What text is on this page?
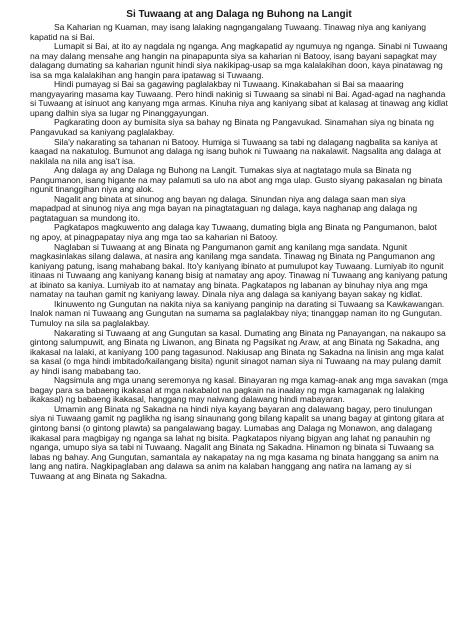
Si Tuwaang at ang Dalaga ng Buhong na Langit

Sa Kaharian ng Kuaman, may isang lalaking nagngangalang Tuwaang. Tinawag niya ang kaniyang kapatid na si Bai.

Lumapit si Bai, at ito ay nagdala ng nganga. Ang magkapatid ay ngumuya ng nganga. Sinabi ni Tuwaang na may dalang mensahe ang hangin na pinapapunta siya sa kaharian ni Batooy, isang bayani sapagkat may dalagang dumating sa kaharian ngunit hindi siya nakikipag-usap sa mga kalalakihan doon, kaya pinatawag ng isa sa mga kalalakihan ang hangin para ipatawag si Tuwaang.

Hindi pumayag si Bai sa gagawing paglalakbay ni Tuwaang. Kinakabahan si Bai sa maaaring mangyayaring masama kay Tuwaang. Pero hindi nakinig si Tuwaang sa sinabi ni Bai. Agad-agad na naghanda si Tuwaang at isinuot ang kanyang mga armas. Kinuha niya ang kaniyang sibat at kalasag at tinawag ang kidlat upang dalhin siya sa lugar ng Pinanggayungan.

Pagkarating doon ay bumisita siya sa bahay ng Binata ng Pangavukad. Sinamahan siya ng binata ng Pangavukad sa kaniyang paglalakbay.

Sila'y nakarating sa tahanan ni Batooy. Humiga si Tuwaang sa tabi ng dalagang nagbalita sa kaniya at kaagad na nakatulog. Bumunot ang dalaga ng isang buhok ni Tuwaang na nakalawit. Nagsalita ang dalaga at nakilala na nila ang isa't isa.

Ang dalaga ay ang Dalaga ng Buhong na Langit. Tumakas siya at nagtatago mula sa Binata ng Pangumanon, isang higante na may palamuti sa ulo na abot ang mga ulap. Gusto siyang pakasalan ng binata ngunit tinanggihan niya ang alok.

Nagalit ang binata at sinunog ang bayan ng dalaga. Sinundan niya ang dalaga saan man siya mapadpad at sinunog niya ang mga bayan na pinagtataguan ng dalaga, kaya naghanap ang dalaga ng pagtataguan sa mundong ito.

Pagkatapos magkuwento ang dalaga kay Tuwaang, dumating bigla ang Binata ng Pangumanon, balot ng apoy, at pinagpapatay niya ang mga tao sa kaharian ni Batooy.

Naglaban si Tuwaang at ang Binata ng Pangumanon gamit ang kanilang mga sandata. Ngunit magkasinlakas silang dalawa, at nasira ang kanilang mga sandata. Tinawag ng Binata ng Pangumanon ang kaniyang patung, isang mahabang bakal. Ito'y kaniyang ibinato at pumulupot kay Tuwaang. Lumiyab ito ngunit itinaas ni Tuwaang ang kaniyang kanang bisig at namatay ang apoy. Tinawag ni Tuwaang ang kaniyang patung at ibinato sa kaniya. Lumiyab ito at namatay ang binata. Pagkatapos ng labanan ay binuhay niya ang mga namatay na tauhan gamit ng kaniyang laway. Dinala niya ang dalaga sa kaniyang bayan sakay ng kidlat.

Ikinuwento ng Gungutan na nakita niya sa kaniyang panginip na darating si Tuwaang sa Kawkawangan. Inalok naman ni Tuwaang ang Gungutan na sumama sa paglalakbay niya; tinanggap naman ito ng Gungutan. Tumuloy na sila sa paglalakbay.

Nakarating si Tuwaang at ang Gungutan sa kasal. Dumating ang Binata ng Panayangan, na nakaupo sa gintong salumpuwit, ang Binata ng Liwanon, ang Binata ng Pagsikat ng Araw, at ang Binata ng Sakadna, ang ikakasal na lalaki, at kaniyang 100 pang tagasunod. Nakiusap ang Binata ng Sakadna na linisin ang mga kalat sa kasal (o mga hindi imbitado/kailangang bisita) ngunit sinagot naman siya ni Tuwaang na may pulang damit ay hindi isang mababang tao.

Nagsimula ang mga unang seremonya ng kasal. Binayaran ng mga kamag-anak ang mga savakan (mga bagay para sa babaeng ikakasal at mga nakabalot na pagkain na inaalay ng mga kamaganak ng lalaking ikakasal) ng babaeng ikakasal, hanggang may naiwang dalawang hindi mabayaran.

Umamin ang Binata ng Sakadna na hindi niya kayang bayaran ang dalawang bagay, pero tinulungan siya ni Tuwaang gamit ng paglikha ng isang sinaunang gong bilang kapalit sa unang bagay at gintong gitara at gintong bansi (o gintong plawta) sa pangalawang bagay. Lumabas ang Dalaga ng Monawon, ang dalagang ikakasal para magbigay ng nganga sa lahat ng bisita. Pagkatapos niyang bigyan ang lahat ng panauhin ng nganga, umupo siya sa tabi ni Tuwaang. Nagalit ang Binata ng Sakadna. Hinamon ng binata si Tuwaang sa labas ng bahay. Ang Gungutan, samantala ay nakapatay na ng mga kasama ng binata hanggang sa anim na lang ang natira. Nagkipaglaban ang dalawa sa anim na kalaban hanggang ang natira na lamang ay si Tuwaang at ang Binata ng Sakadna.
